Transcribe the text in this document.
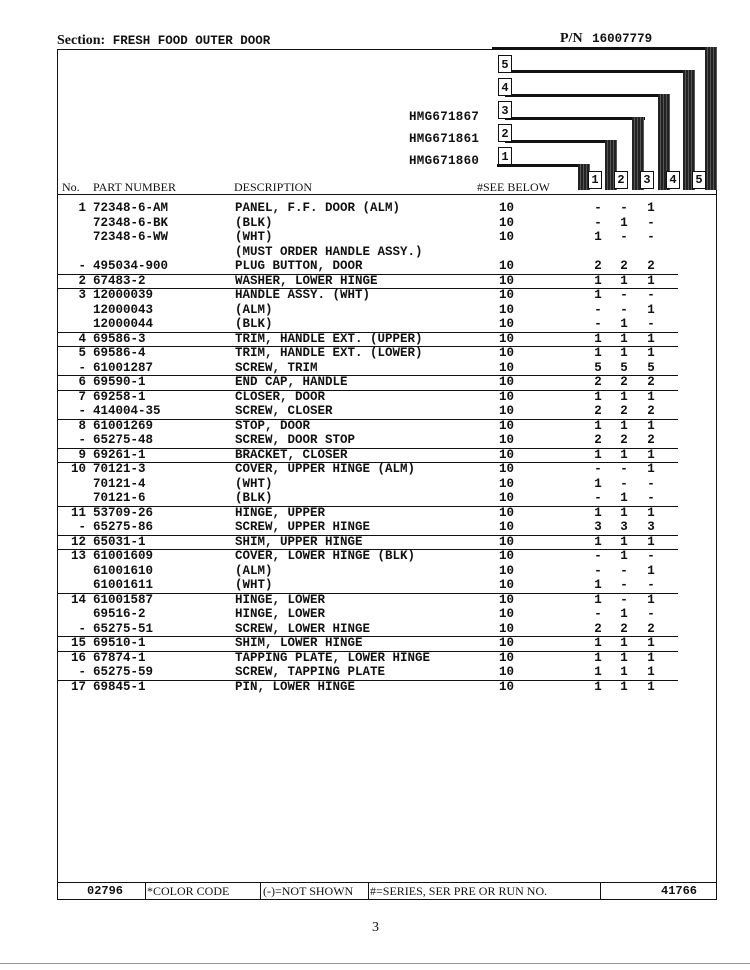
Section: FRESH FOOD OUTER DOOR	P/N 16007779
5
4
3
2
1
1 2 3 4 5
HMG671867
HMG671861
HMG671860
No. PART NUMBER	DESCRIPTION	#SEE BELOW
1 72348-6-AM	PANEL, F.F. DOOR (ALM)	10	- - 1
72348-6-BK	(BLK)	10	- 1 -
72348-6-WW	(WHT)	10	1 - -
(MUST ORDER HANDLE ASSY.)
- 495034-900	PLUG BUTTON, DOOR	10	2 2 2
2 67483-2	WASHER, LOWER HINGE	10	1 1 1
3 12000039	HANDLE ASSY. (WHT)	10	1 - -
12000043	(ALM)	10	- - 1
12000044	(BLK)	10	- 1 -
4 69586-3	TRIM, HANDLE EXT. (UPPER)	10	1 1 1
5 69586-4	TRIM, HANDLE EXT. (LOWER)	10	1 1 1
- 61001287	SCREW, TRIM	10	5 5 5
6 69590-1	END CAP, HANDLE	10	2 2 2
7 69258-1	CLOSER, DOOR	10	1 1 1
- 414004-35	SCREW, CLOSER	10	2 2 2
8 61001269	STOP, DOOR	10	1 1 1
- 65275-48	SCREW, DOOR STOP	10	2 2 2
9 69261-1	BRACKET, CLOSER	10	1 1 1
10 70121-3	COVER, UPPER HINGE (ALM)	10	- - 1
70121-4	(WHT)	10	1 - -
70121-6	(BLK)	10	- 1 -
11 53709-26	HINGE, UPPER	10	1 1 1
- 65275-86	SCREW, UPPER HINGE	10	3 3 3
12 65031-1	SHIM, UPPER HINGE	10	1 1 1
13 61001609	COVER, LOWER HINGE (BLK)	10	- 1 -
61001610	(ALM)	10	- - 1
61001611	(WHT)	10	1 - -
14 61001587	HINGE, LOWER	10	1 - 1
69516-2	HINGE, LOWER	10	- 1 -
- 65275-51	SCREW, LOWER HINGE	10	2 2 2
15 69510-1	SHIM, LOWER HINGE	10	1 1 1
16 67874-1	TAPPING PLATE, LOWER HINGE	10	1 1 1
- 65275-59	SCREW, TAPPING PLATE	10	1 1 1
17 69845-1	PIN, LOWER HINGE	10	1 1 1
02796 *COLOR CODE	(-)=NOT SHOWN #=SERIES, SER PRE OR RUN NO.	41766
3
